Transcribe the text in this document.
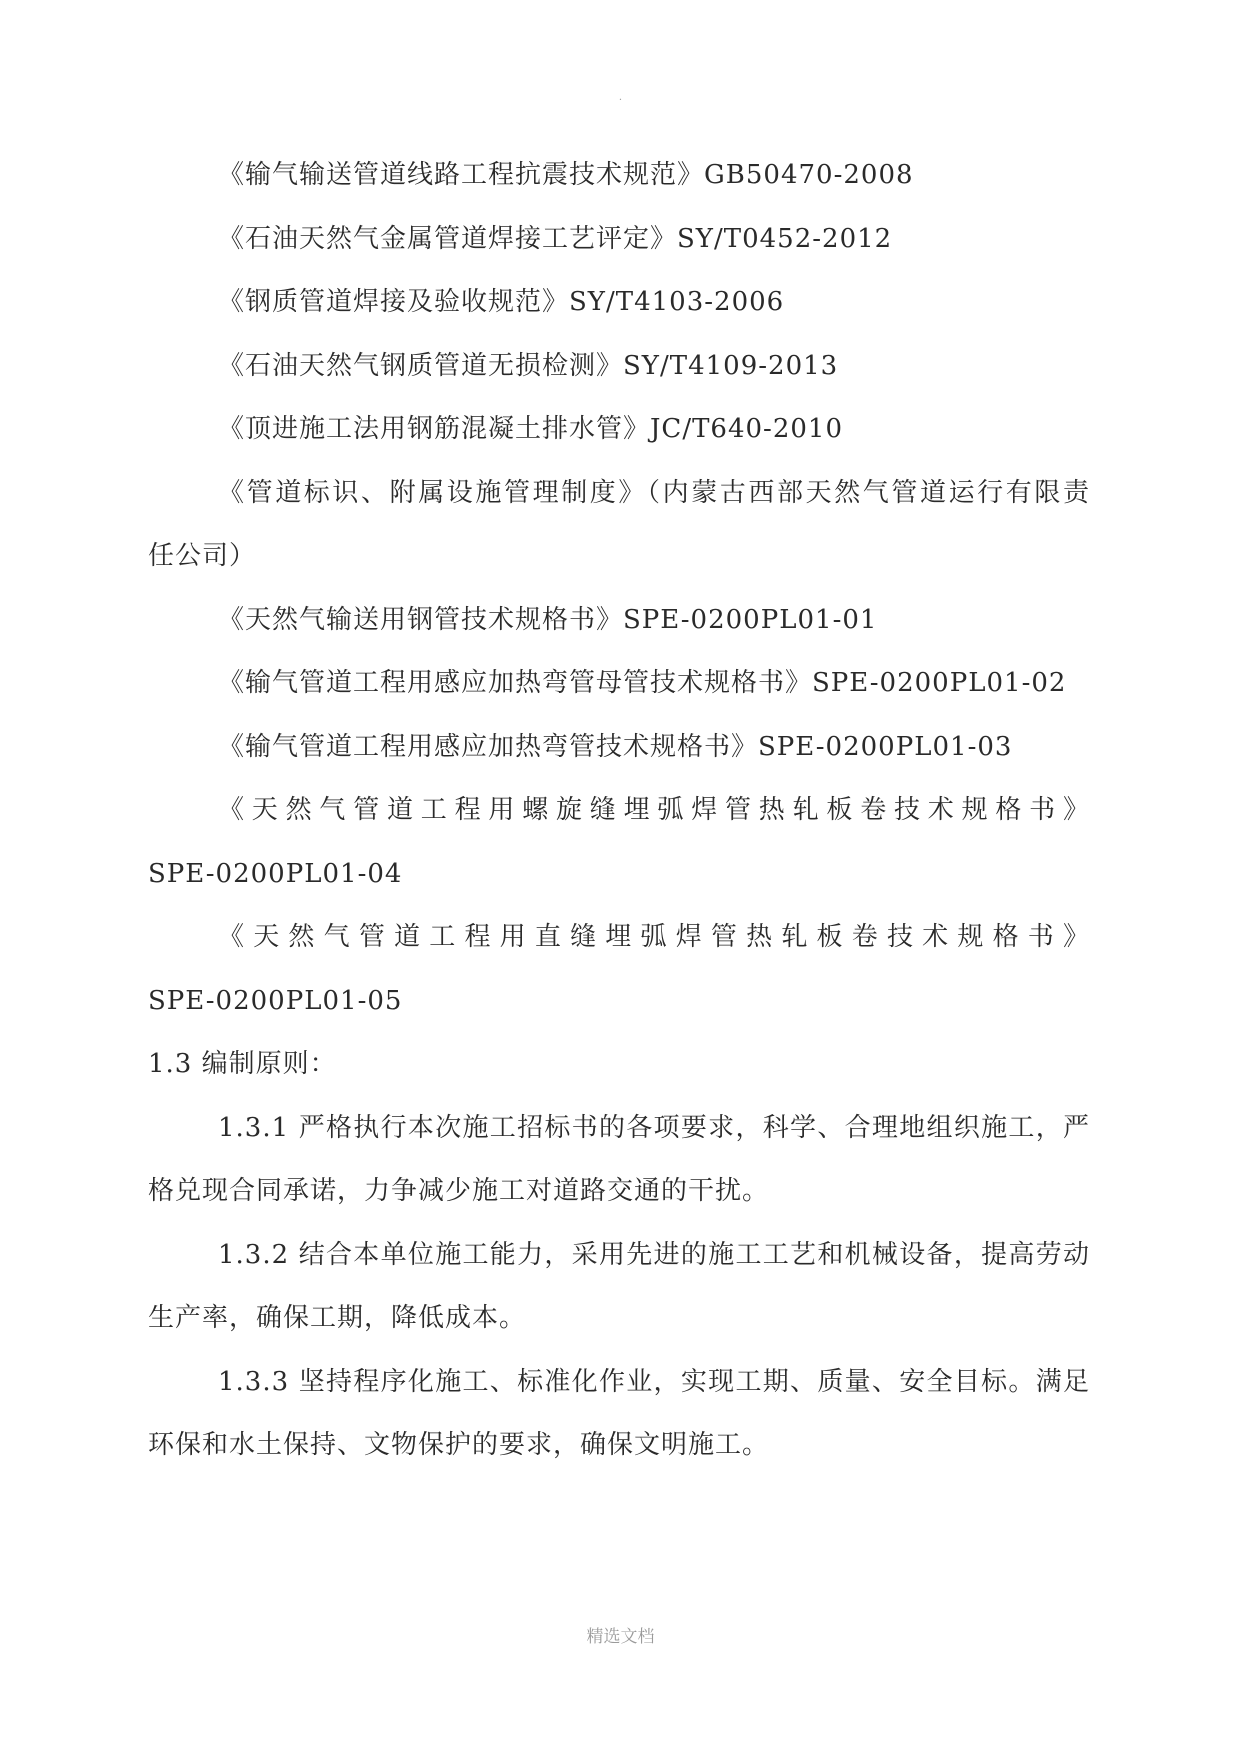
.

《输气输送管道线路工程抗震技术规范》GB50470-2008

《石油天然气金属管道焊接工艺评定》SY/T0452-2012

《钢质管道焊接及验收规范》SY/T4103-2006

《石油天然气钢质管道无损检测》SY/T4109-2013

《顶进施工法用钢筋混凝土排水管》JC/T640-2010

《管道标识、附属设施管理制度》（内蒙古西部天然气管道运行有限责

任公司）

《天然气输送用钢管技术规格书》SPE-0200PL01-01

《输气管道工程用感应加热弯管母管技术规格书》SPE-0200PL01-02

《输气管道工程用感应加热弯管技术规格书》SPE-0200PL01-03

《天然气管道工程用螺旋缝埋弧焊管热轧板卷技术规格书》

SPE-0200PL01-04

《天然气管道工程用直缝埋弧焊管热轧板卷技术规格书》

SPE-0200PL01-05

1.3 编制原则：

1.3.1 严格执行本次施工招标书的各项要求，科学、合理地组织施工，严格兑现合同承诺，力争减少施工对道路交通的干扰。

1.3.2 结合本单位施工能力，采用先进的施工工艺和机械设备，提高劳动生产率，确保工期，降低成本。

1.3.3 坚持程序化施工、标准化作业，实现工期、质量、安全目标。满足环保和水土保持、文物保护的要求，确保文明施工。

精选文档
